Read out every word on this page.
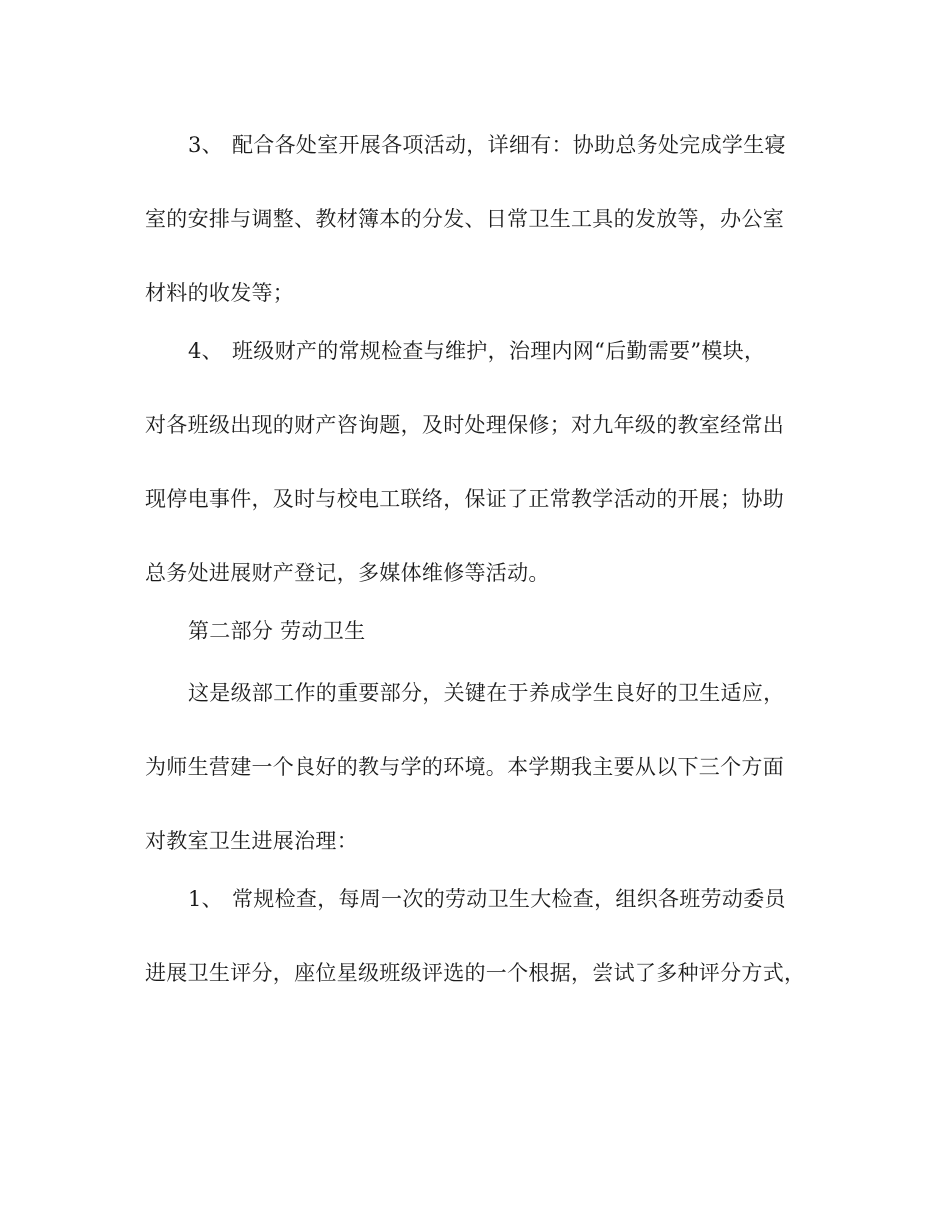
3、 配合各处室开展各项活动，详细有：协助总务处完成学生寝
室的安排与调整、教材簿本的分发、日常卫生工具的发放等，办公室
材料的收发等；
4、 班级财产的常规检查与维护，治理内网“后勤需要”模块，
对各班级出现的财产咨询题，及时处理保修；对九年级的教室经常出
现停电事件，及时与校电工联络，保证了正常教学活动的开展；协助
总务处进展财产登记，多媒体维修等活动。
第二部分 劳动卫生
这是级部工作的重要部分，关键在于养成学生良好的卫生适应，
为师生营建一个良好的教与学的环境。本学期我主要从以下三个方面
对教室卫生进展治理：
1、 常规检查，每周一次的劳动卫生大检查，组织各班劳动委员
进展卫生评分，座位星级班级评选的一个根据，尝试了多种评分方式，
